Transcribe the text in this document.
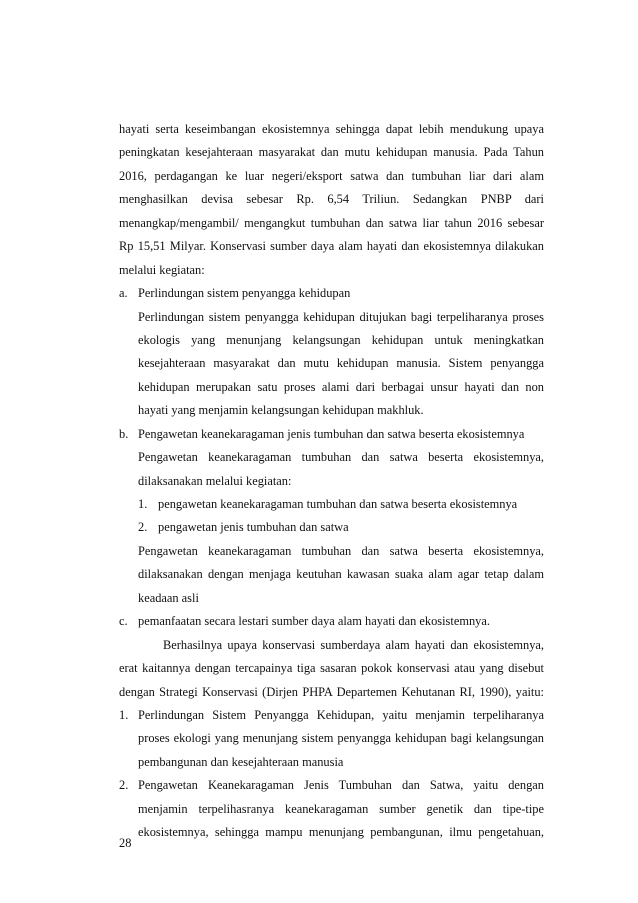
hayati serta keseimbangan ekosistemnya sehingga dapat lebih mendukung upaya
peningkatan kesejahteraan masyarakat dan mutu kehidupan manusia. Pada Tahun
2016, perdagangan ke luar negeri/eksport satwa dan tumbuhan liar dari alam
menghasilkan devisa sebesar Rp. 6,54 Triliun. Sedangkan PNBP dari
menangkap/mengambil/ mengangkut tumbuhan dan satwa liar tahun 2016 sebesar
Rp 15,51 Milyar. Konservasi sumber daya alam hayati dan ekosistemnya dilakukan
melalui kegiatan:
a. Perlindungan sistem penyangga kehidupan
Perlindungan sistem penyangga kehidupan ditujukan bagi terpeliharanya proses
ekologis yang menunjang kelangsungan kehidupan untuk meningkatkan
kesejahteraan masyarakat dan mutu kehidupan manusia. Sistem penyangga
kehidupan merupakan satu proses alami dari berbagai unsur hayati dan non
hayati yang menjamin kelangsungan kehidupan makhluk.
b. Pengawetan keanekaragaman jenis tumbuhan dan satwa beserta ekosistemnya
Pengawetan keanekaragaman tumbuhan dan satwa beserta ekosistemnya,
dilaksanakan melalui kegiatan:
1. pengawetan keanekaragaman tumbuhan dan satwa beserta ekosistemnya
2. pengawetan jenis tumbuhan dan satwa
Pengawetan keanekaragaman tumbuhan dan satwa beserta ekosistemnya,
dilaksanakan dengan menjaga keutuhan kawasan suaka alam agar tetap dalam
keadaan asli
c. pemanfaatan secara lestari sumber daya alam hayati dan ekosistemnya.
Berhasilnya upaya konservasi sumberdaya alam hayati dan ekosistemnya,
erat kaitannya dengan tercapainya tiga sasaran pokok konservasi atau yang disebut
dengan Strategi Konservasi (Dirjen PHPA Departemen Kehutanan RI, 1990), yaitu:
1. Perlindungan Sistem Penyangga Kehidupan, yaitu menjamin terpeliharanya
proses ekologi yang menunjang sistem penyangga kehidupan bagi kelangsungan
pembangunan dan kesejahteraan manusia
2. Pengawetan Keanekaragaman Jenis Tumbuhan dan Satwa, yaitu dengan
menjamin terpelihasranya keanekaragaman sumber genetik dan tipe-tipe
ekosistemnya, sehingga mampu menunjang pembangunan, ilmu pengetahuan,
28
